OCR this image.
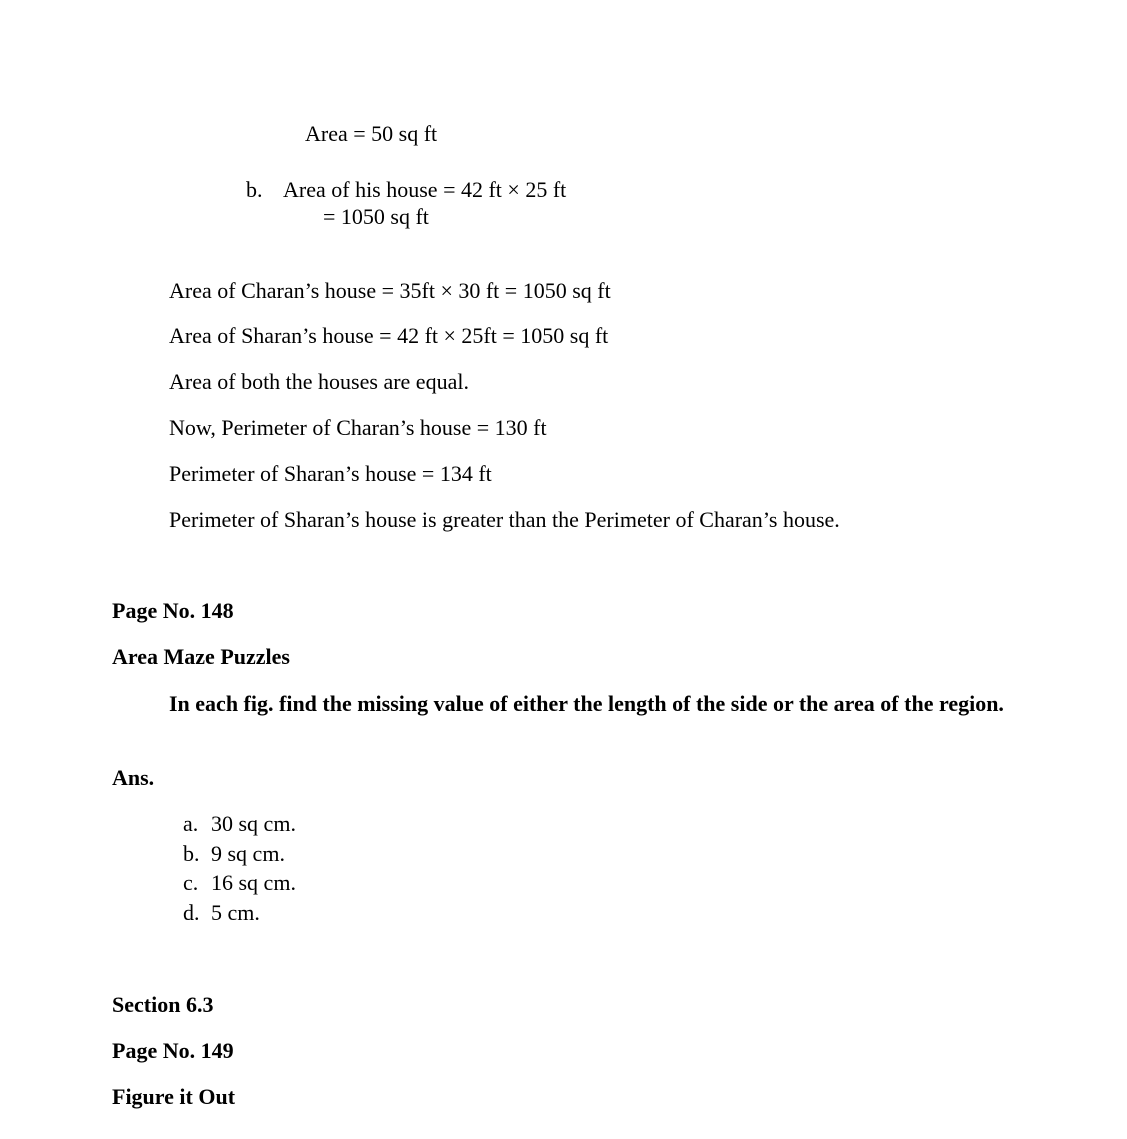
Area = 50 sq ft
b. Area of his house = 42 ft × 25 ft
= 1050 sq ft
Area of Charan’s house = 35ft × 30 ft = 1050 sq ft
Area of Sharan’s house = 42 ft × 25ft = 1050 sq ft
Area of both the houses are equal.
Now, Perimeter of Charan’s house = 130 ft
Perimeter of Sharan’s house = 134 ft
Perimeter of Sharan’s house is greater than the Perimeter of Charan’s house.
Page No. 148
Area Maze Puzzles
In each fig. find the missing value of either the length of the side or the area of the region.
Ans.
a. 30 sq cm.
b. 9 sq cm.
c. 16 sq cm.
d. 5 cm.
Section 6.3
Page No. 149
Figure it Out
